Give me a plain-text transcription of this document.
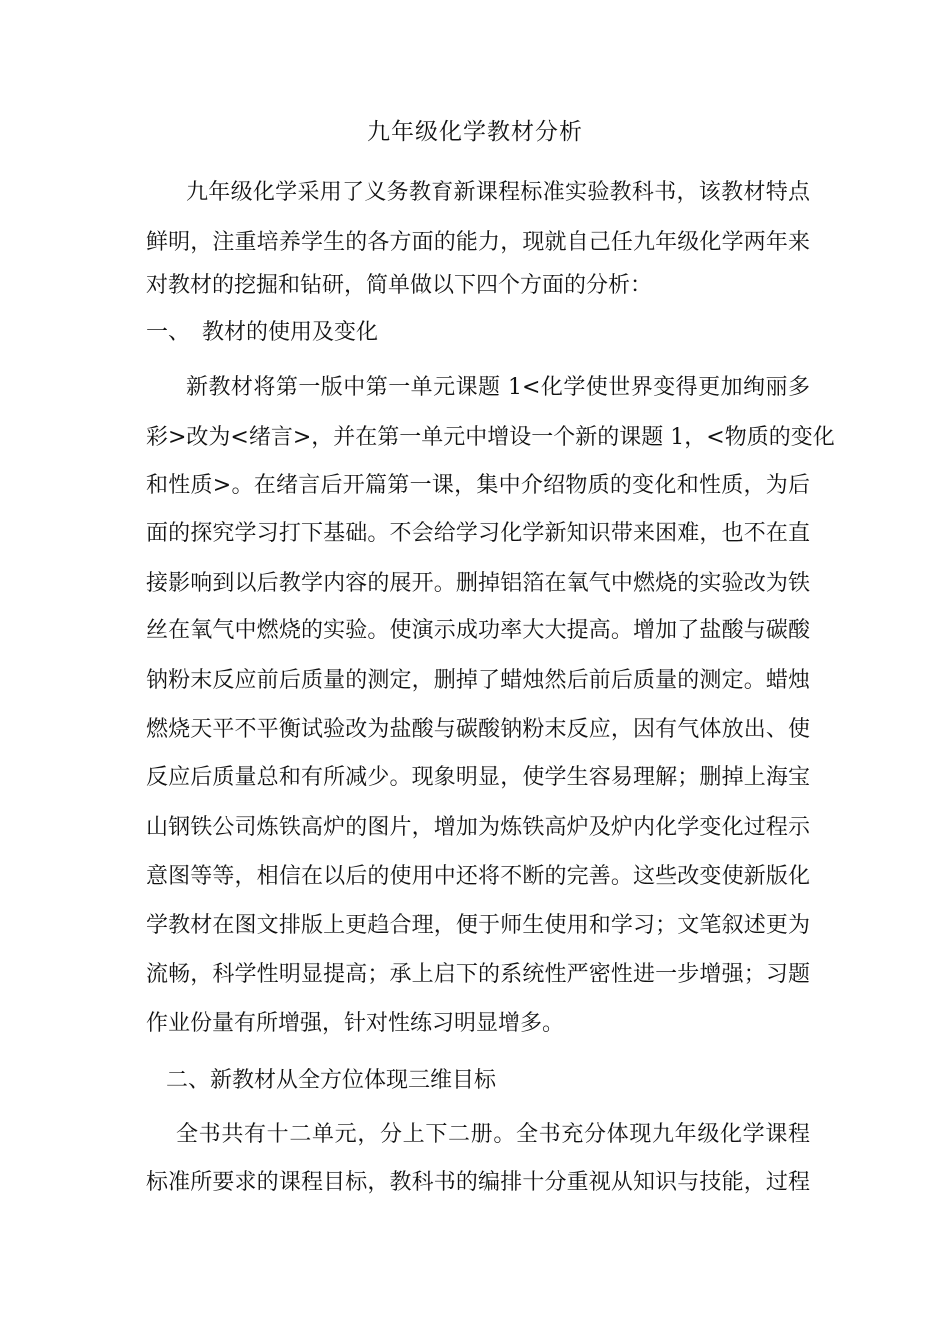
九年级化学教材分析
九年级化学采用了义务教育新课程标准实验教科书，该教材特点
鲜明，注重培养学生的各方面的能力，现就自己任九年级化学两年来
对教材的挖掘和钻研，简单做以下四个方面的分析：
一、 教材的使用及变化
新教材将第一版中第一单元课题 1<化学使世界变得更加绚丽多
彩>改为<绪言>，并在第一单元中增设一个新的课题 1，<物质的变化
和性质>。在绪言后开篇第一课，集中介绍物质的变化和性质，为后
面的探究学习打下基础。不会给学习化学新知识带来困难，也不在直
接影响到以后教学内容的展开。删掉铝箔在氧气中燃烧的实验改为铁
丝在氧气中燃烧的实验。使演示成功率大大提高。增加了盐酸与碳酸
钠粉末反应前后质量的测定，删掉了蜡烛然后前后质量的测定。蜡烛
燃烧天平不平衡试验改为盐酸与碳酸钠粉末反应，因有气体放出、使
反应后质量总和有所减少。现象明显，使学生容易理解；删掉上海宝
山钢铁公司炼铁高炉的图片，增加为炼铁高炉及炉内化学变化过程示
意图等等，相信在以后的使用中还将不断的完善。这些改变使新版化
学教材在图文排版上更趋合理，便于师生使用和学习；文笔叙述更为
流畅，科学性明显提高；承上启下的系统性严密性进一步增强；习题
作业份量有所增强，针对性练习明显增多。
二、新教材从全方位体现三维目标
全书共有十二单元，分上下二册。全书充分体现九年级化学课程
标准所要求的课程目标，教科书的编排十分重视从知识与技能，过程
